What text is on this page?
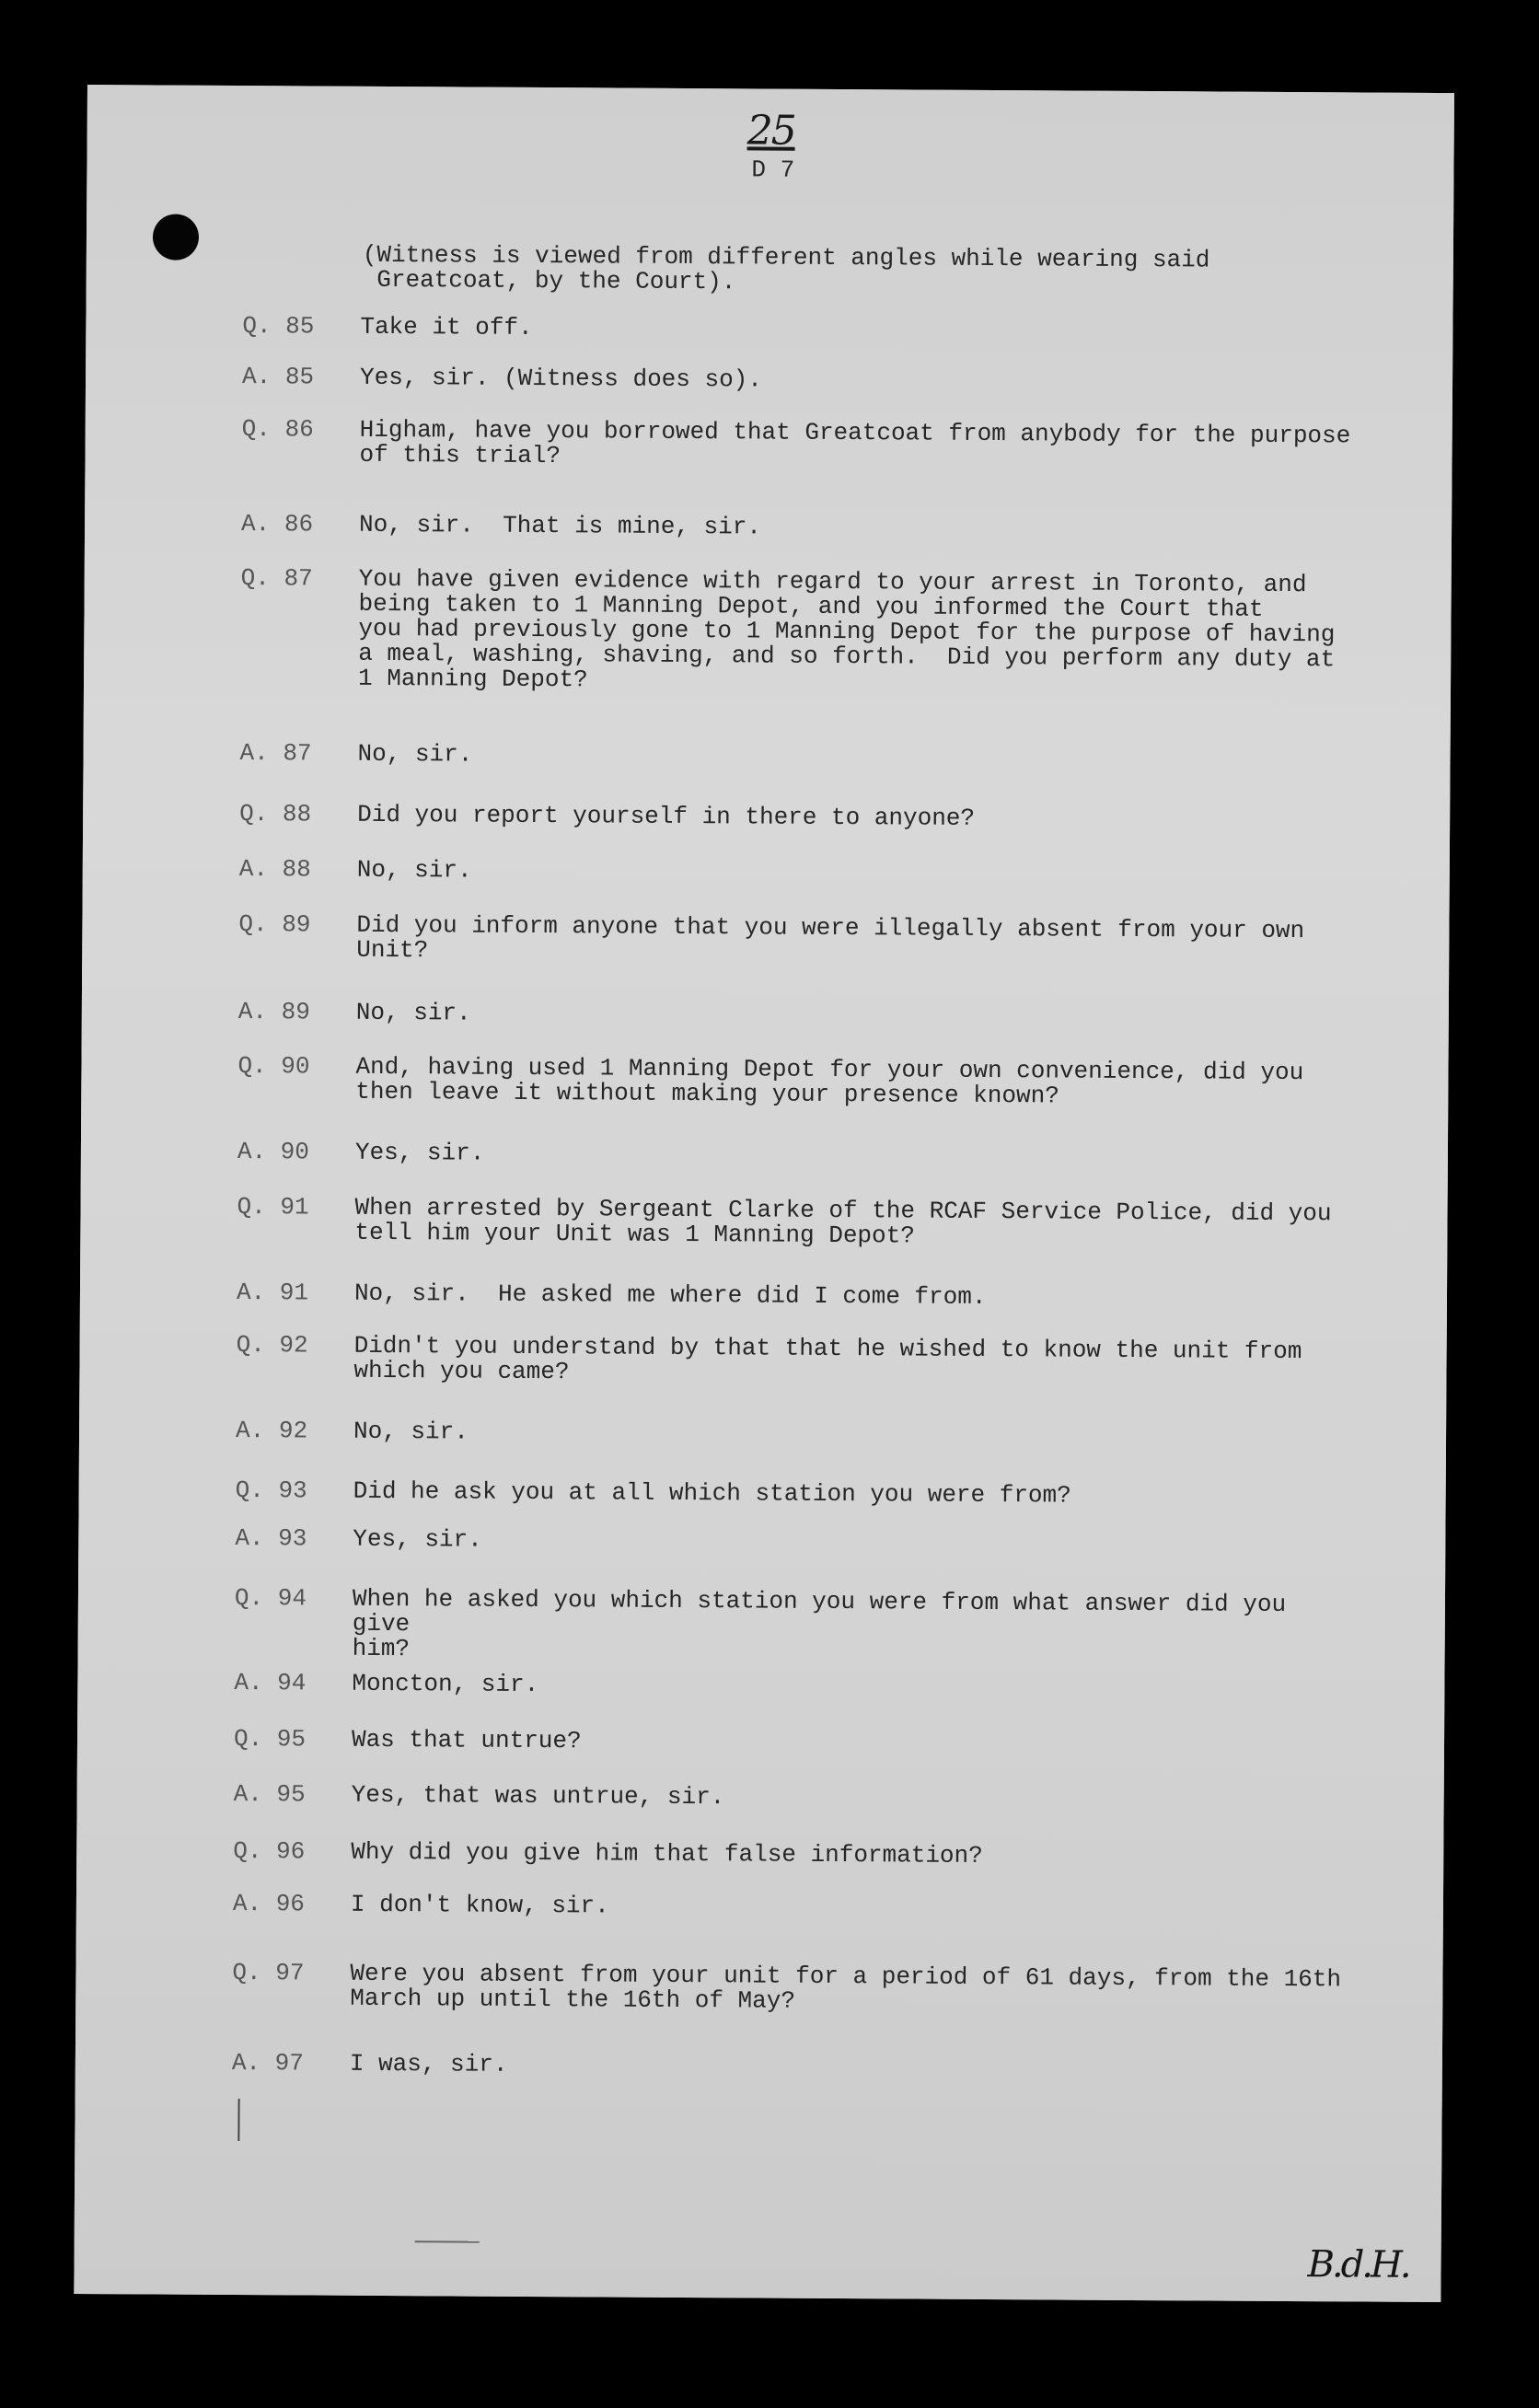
25
D 7
(Witness is viewed from different angles while wearing said
Greatcoat, by the Court).

Q. 85

	Take it off.

A. 85

	Yes, sir. (Witness does so).

Q. 86

	Higham, have you borrowed that Greatcoat from anybody for the purpose
of this trial?

A. 86

	No, sir.  That is mine, sir.

Q. 87

	You have given evidence with regard to your arrest in Toronto, and
being taken to 1 Manning Depot, and you informed the Court that
you had previously gone to 1 Manning Depot for the purpose of having
a meal, washing, shaving, and so forth.  Did you perform any duty at
1 Manning Depot?

A. 87

	No, sir.

Q. 88

	Did you report yourself in there to anyone?

A. 88

	No, sir.

Q. 89

	Did you inform anyone that you were illegally absent from your own
Unit?

A. 89

	No, sir.

Q. 90

	And, having used 1 Manning Depot for your own convenience, did you
then leave it without making your presence known?

A. 90

	Yes, sir.

Q. 91

	When arrested by Sergeant Clarke of the RCAF Service Police, did you
tell him your Unit was 1 Manning Depot?

A. 91

	No, sir.  He asked me where did I come from.

Q. 92

	Didn't you understand by that that he wished to know the unit from
which you came?

A. 92

	No, sir.

Q. 93

	Did he ask you at all which station you were from?

A. 93

	Yes, sir.

Q. 94

	When he asked you which station you were from what answer did you give
him?

A. 94

	Moncton, sir.

Q. 95

	Was that untrue?

A. 95

	Yes, that was untrue, sir.

Q. 96

	Why did you give him that false information?

A. 96

	I don't know, sir.

Q. 97

	Were you absent from your unit for a period of 61 days, from the 16th
March up until the 16th of May?

A. 97

	I was, sir.

B.d.H.
